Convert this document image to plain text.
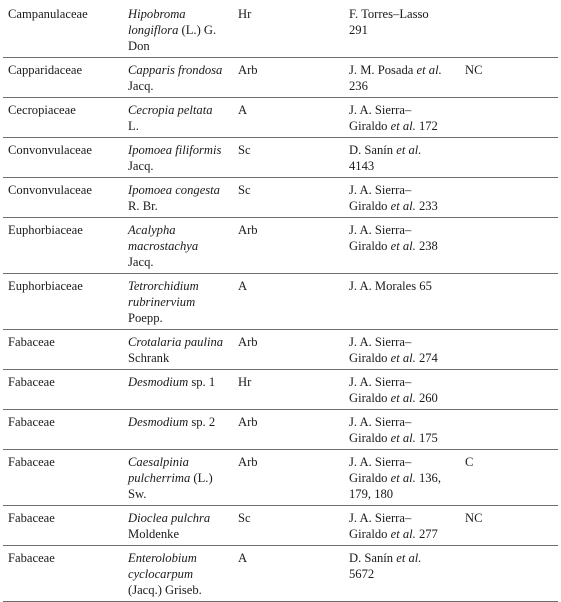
Campanulaceae	Hipobroma longiflora (L.) G. Don	Hr	F. Torres–Lasso 291	

Capparidaceae	Capparis frondosa Jacq.	Arb	J. M. Posada et al. 236	NC
Cecropiaceae	Cecropia peltata L.	A	J. A. Sierra–Giraldo et al. 172	

Convonvulaceae	Ipomoea filiformis Jacq.	Sc	D. Sanín et al. 4143	

Convonvulaceae	Ipomoea congesta R. Br.	Sc	J. A. Sierra–Giraldo et al. 233	

Euphorbiaceae	Acalypha macrostachya Jacq.	Arb	J. A. Sierra–Giraldo et al. 238	

Euphorbiaceae	Tetrorchidium rubrinervium Poepp.	A	J. A. Morales 65	

Fabaceae	Crotalaria paulina Schrank	Arb	J. A. Sierra–Giraldo et al. 274	

Fabaceae	Desmodium sp. 1	Hr	J. A. Sierra–Giraldo et al. 260	

Fabaceae	Desmodium sp. 2	Arb	J. A. Sierra–Giraldo et al. 175	

Fabaceae	Caesalpinia pulcherrima (L.) Sw.	Arb	J. A. Sierra–Giraldo et al. 136, 179, 180	C
Fabaceae	Dioclea pulchra Moldenke	Sc	J. A. Sierra–Giraldo et al. 277	NC
Fabaceae	Enterolobium cyclocarpum (Jacq.) Griseb.	A	D. Sanín et al. 5672	
